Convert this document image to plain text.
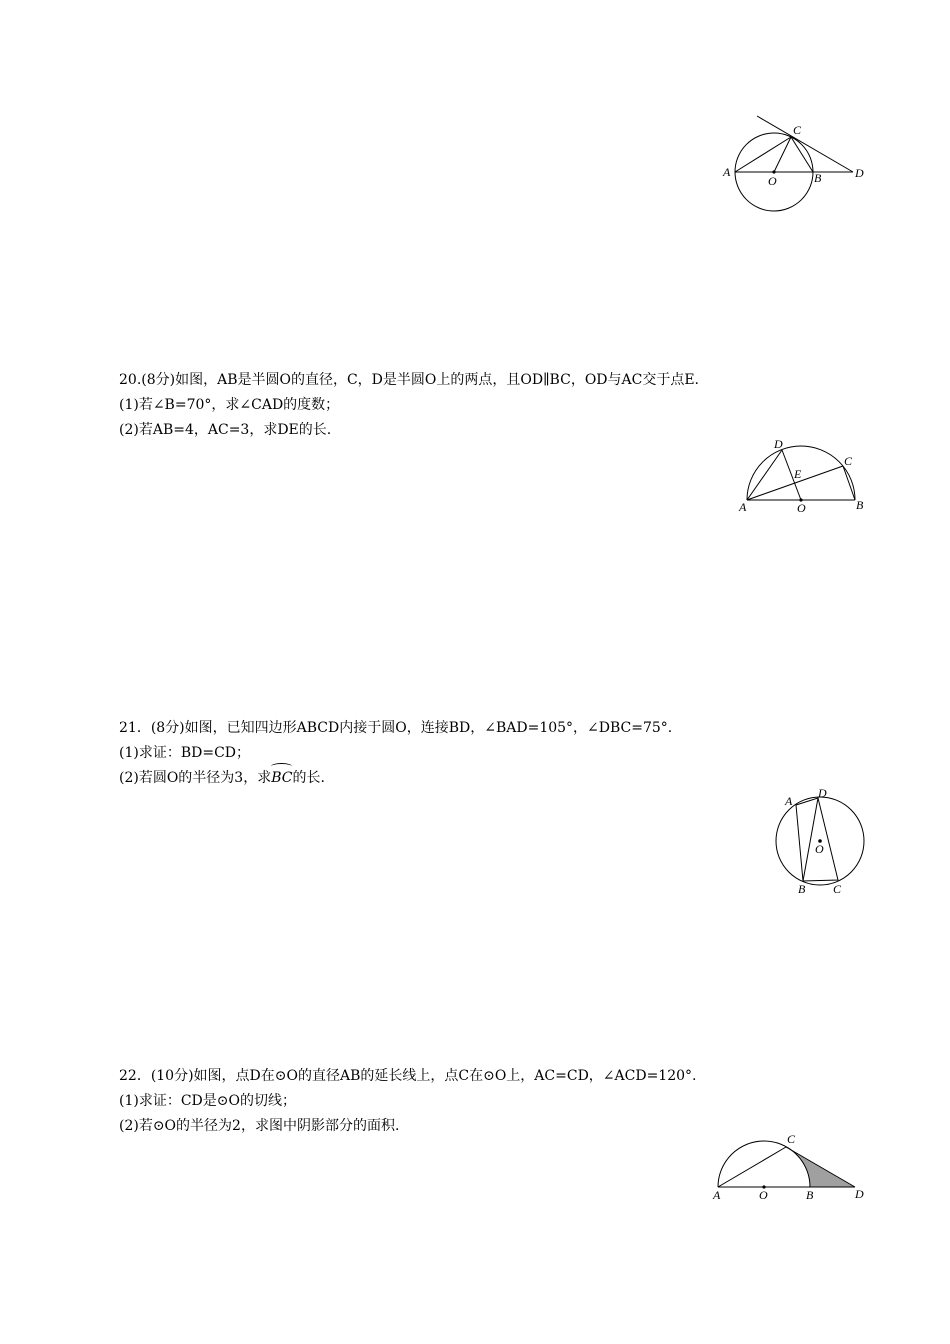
A
O	B
C
D

20.(8分)如图，AB是半圆O的直径，C，D是半圆O上的两点，且OD∥BC，OD与AC交于点E.

(1)若∠B=70°，求∠CAD的度数；

(2)若AB=4，AC=3，求DE的长.

A	O	B
C
D
E

21．(8分)如图，已知四边形ABCD内接于圆O，连接BD，∠BAD=105°，∠DBC=75°.

(1)求证：BD=CD；

(2)若圆O的半径为3，求BC的长.

A
D
O
B C

22．(10分)如图，点D在⊙O的直径AB的延长线上，点C在⊙O上，AC=CD，∠ACD=120°.

(1)求证：CD是⊙O的切线；

(2)若⊙O的半径为2，求图中阴影部分的面积.

A	O	B
C
D
